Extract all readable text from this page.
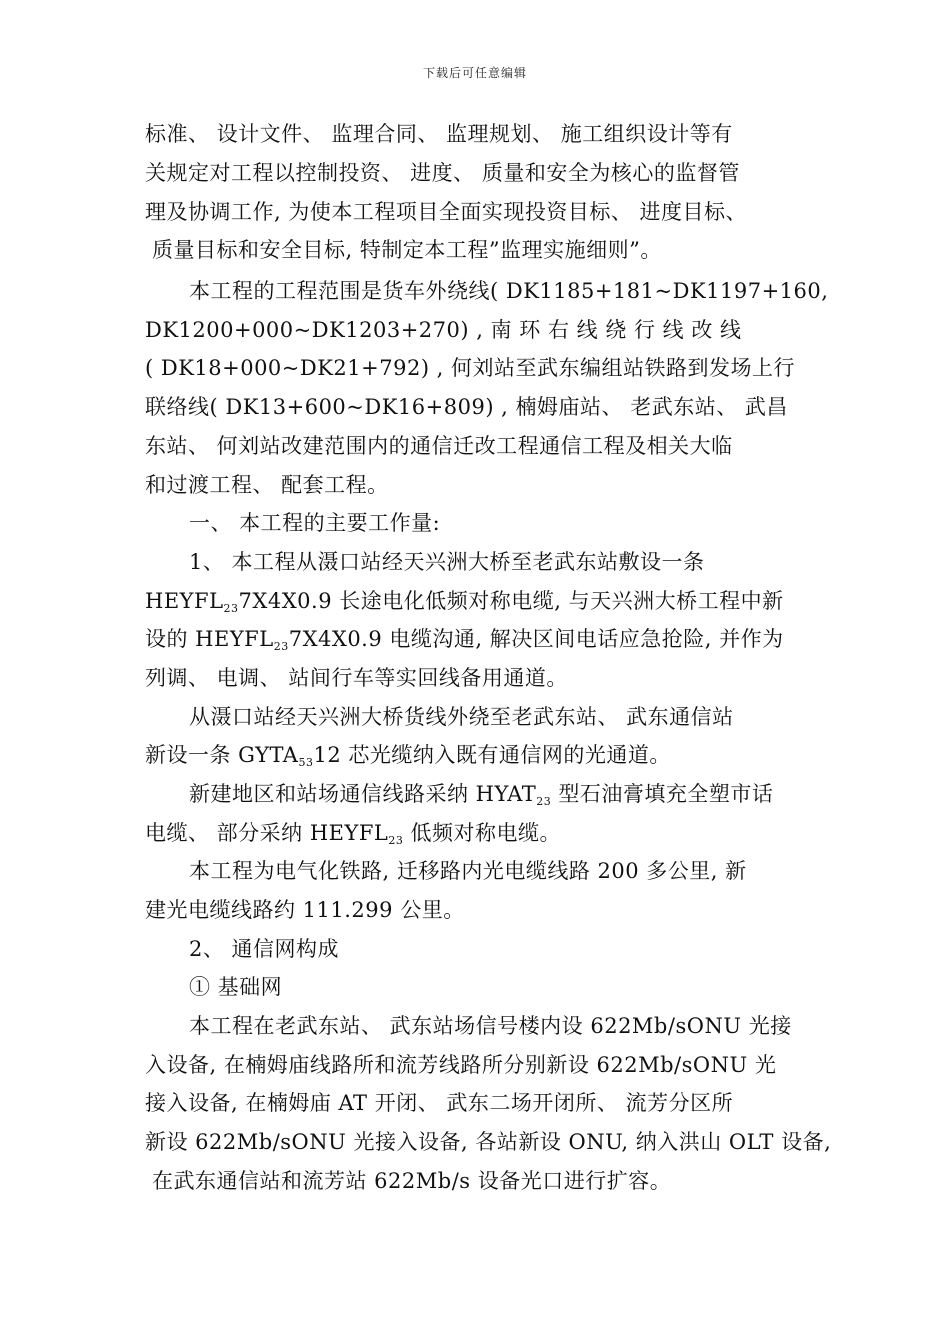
下载后可任意编辑
标准、 设计文件、 监理合同、 监理规划、 施工组织设计等有
关规定对工程以控制投资、 进度、 质量和安全为核心的监督管
理及协调工作, 为使本工程项目全面实现投资目标、 进度目标、
质量目标和安全目标, 特制定本工程”监理实施细则”。
本工程的工程范围是货车外绕线( DK1185+181~DK1197+160,
DK1200+000~DK1203+270) , 南 环 右 线 绕 行 线 改 线
( DK18+000~DK21+792) , 何刘站至武东编组站铁路到发场上行
联络线( DK13+600~DK16+809) , 楠姆庙站、 老武东站、 武昌
东站、 何刘站改建范围内的通信迁改工程通信工程及相关大临
和过渡工程、 配套工程。
一、 本工程的主要工作量:
1、 本工程从滠口站经天兴洲大桥至老武东站敷设一条
$HEYFL_{23}7X4X0.9$ 长途电化低频对称电缆, 与天兴洲大桥工程中新
设的 $HEYFL_{23}7X4X0.9$ 电缆沟通, 解决区间电话应急抢险, 并作为
列调、 电调、 站间行车等实回线备用通道。
从滠口站经天兴洲大桥货线外绕至老武东站、 武东通信站
新设一条 $GYTA_{53}12$ 芯光缆纳入既有通信网的光通道。
新建地区和站场通信线路采纳 $HYAT_{23}$ 型石油膏填充全塑市话
电缆、 部分采纳 $HEYFL_{23}$ 低频对称电缆。
本工程为电气化铁路, 迁移路内光电缆线路 200 多公里, 新
建光电缆线路约 111.299 公里。
2、 通信网构成
① 基础网
本工程在老武东站、 武东站场信号楼内设 622Mb/sONU 光接
入设备, 在楠姆庙线路所和流芳线路所分别新设 622Mb/sONU 光
接入设备, 在楠姆庙 AT 开闭、 武东二场开闭所、 流芳分区所
新设 622Mb/sONU 光接入设备, 各站新设 ONU, 纳入洪山 OLT 设备,
在武东通信站和流芳站 622Mb/s 设备光口进行扩容。
